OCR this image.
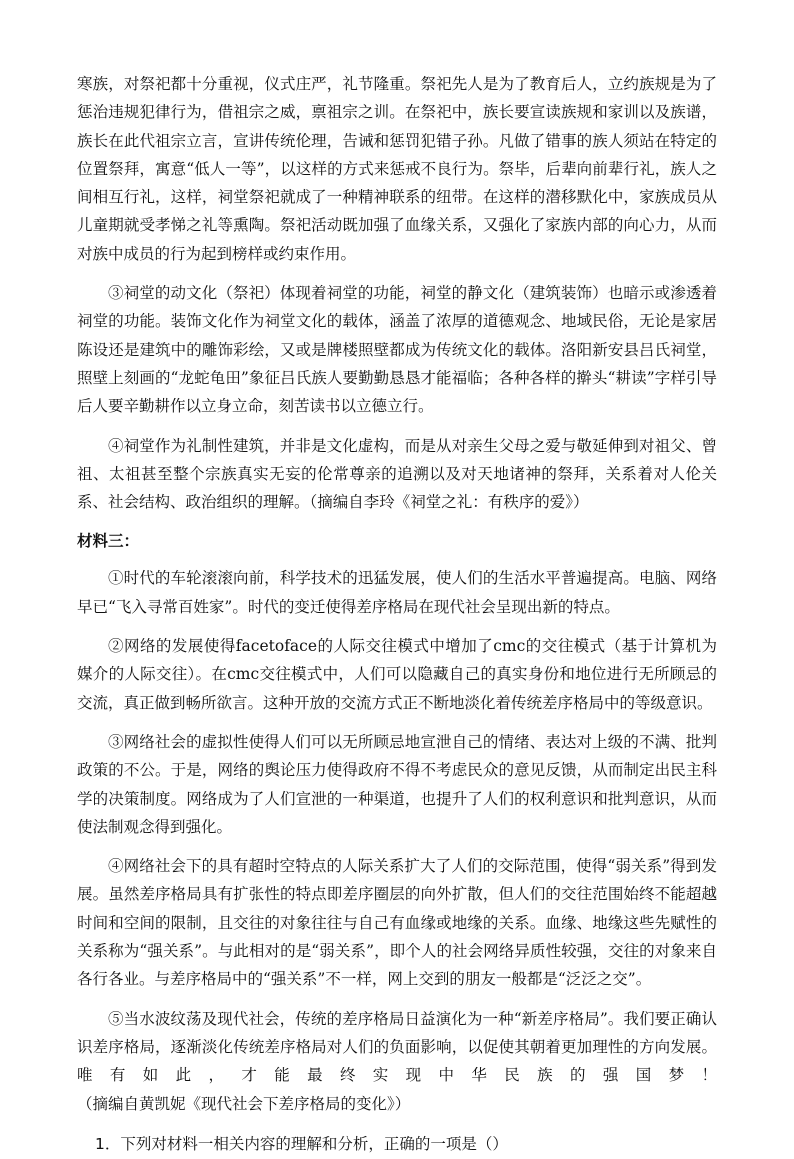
寒族，对祭祀都十分重视，仪式庄严，礼节隆重。祭祀先人是为了教育后人，立约族规是为了惩治违规犯律行为，借祖宗之威，禀祖宗之训。在祭祀中，族长要宣读族规和家训以及族谱，族长在此代祖宗立言，宣讲传统伦理，告诫和惩罚犯错子孙。凡做了错事的族人须站在特定的位置祭拜，寓意“低人一等”，以这样的方式来惩戒不良行为。祭毕，后辈向前辈行礼，族人之间相互行礼，这样，祠堂祭祀就成了一种精神联系的纽带。在这样的潜移默化中，家族成员从儿童期就受孝悌之礼等熏陶。祭祀活动既加强了血缘关系，又强化了家族内部的向心力，从而对族中成员的行为起到榜样或约束作用。

③祠堂的动文化（祭祀）体现着祠堂的功能，祠堂的静文化（建筑装饰）也暗示或渗透着祠堂的功能。装饰文化作为祠堂文化的载体，涵盖了浓厚的道德观念、地域民俗，无论是家居陈设还是建筑中的雕饰彩绘，又或是牌楼照壁都成为传统文化的载体。洛阳新安县吕氏祠堂，照壁上刻画的“龙蛇龟田”象征吕氏族人要勤勤恳恳才能福临；各种各样的擀头“耕读”字样引导后人要辛勤耕作以立身立命，刻苦读书以立德立行。

④祠堂作为礼制性建筑，并非是文化虚构，而是从对亲生父母之爱与敬延伸到对祖父、曾祖、太祖甚至整个宗族真实无妄的伦常尊亲的追溯以及对天地诸神的祭拜，关系着对人伦关系、社会结构、政治组织的理解。（摘编自李玲《祠堂之礼：有秩序的爱》）

材料三：

①时代的车轮滚滚向前，科学技术的迅猛发展，使人们的生活水平普遍提高。电脑、网络早已“飞入寻常百姓家”。时代的变迁使得差序格局在现代社会呈现出新的特点。

②网络的发展使得facetoface的人际交往模式中增加了cmc的交往模式（基于计算机为媒介的人际交往）。在cmc交往模式中，人们可以隐藏自己的真实身份和地位进行无所顾忌的交流，真正做到畅所欲言。这种开放的交流方式正不断地淡化着传统差序格局中的等级意识。

③网络社会的虚拟性使得人们可以无所顾忌地宣泄自己的情绪、表达对上级的不满、批判政策的不公。于是，网络的舆论压力使得政府不得不考虑民众的意见反馈，从而制定出民主科学的决策制度。网络成为了人们宣泄的一种渠道，也提升了人们的权利意识和批判意识，从而使法制观念得到强化。

④网络社会下的具有超时空特点的人际关系扩大了人们的交际范围，使得“弱关系”得到发展。虽然差序格局具有扩张性的特点即差序圈层的向外扩散，但人们的交往范围始终不能超越时间和空间的限制，且交往的对象往往与自己有血缘或地缘的关系。血缘、地缘这些先赋性的关系称为“强关系”。与此相对的是“弱关系”，即个人的社会网络异质性较强，交往的对象来自各行各业。与差序格局中的“强关系”不一样，网上交到的朋友一般都是“泛泛之交”。

⑤当水波纹荡及现代社会，传统的差序格局日益演化为一种“新差序格局”。我们要正确认识差序格局，逐渐淡化传统差序格局对人们的负面影响，以促使其朝着更加理性的方向发展。唯有如此，才能最终实现中华民族的强国梦！（摘编自黄凯妮《现代社会下差序格局的变化》）

1．下列对材料一相关内容的理解和分析，正确的一项是（）
